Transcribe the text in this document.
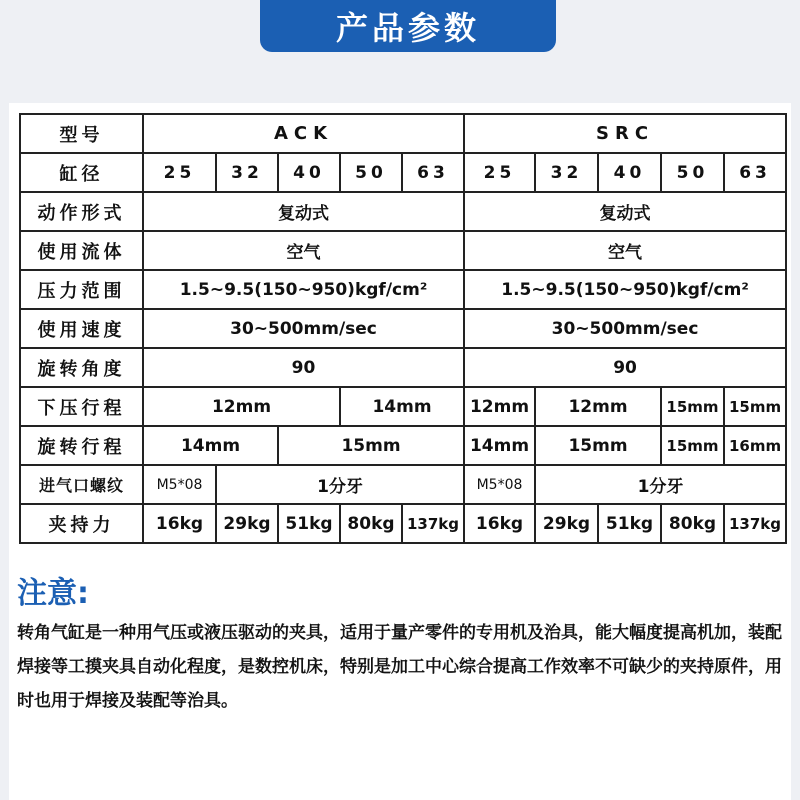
产品参数
型号	ACK					SRC				
缸径	25	32	40	50	63	25	32	40	50	63
动作形式	复动式					复动式				
使用流体	空气					空气				
压力范围	1.5~9.5(150~950)kgf/cm²					1.5~9.5(150~950)kgf/cm²				
使用速度	30~500mm/sec					30~500mm/sec				
旋转角度	90					90				
下压行程	12mm			14mm		12mm	12mm		15mm	15mm
旋转行程	14mm		15mm			14mm	15mm		15mm	16mm
进气口螺纹	M5*08	1分牙				M5*08	1分牙			
夹持力	16kg	29kg	51kg	80kg	137kg	16kg	29kg	51kg	80kg	137kg
注意:
转角气缸是一种用气压或液压驱动的夹具，适用于量产零件的专用机及治具，能大幅度提高机加，装配焊接等工摸夹具自动化程度，是数控机床，特别是加工中心综合提高工作效率不可缺少的夹持原件，用时也用于焊接及装配等治具。
